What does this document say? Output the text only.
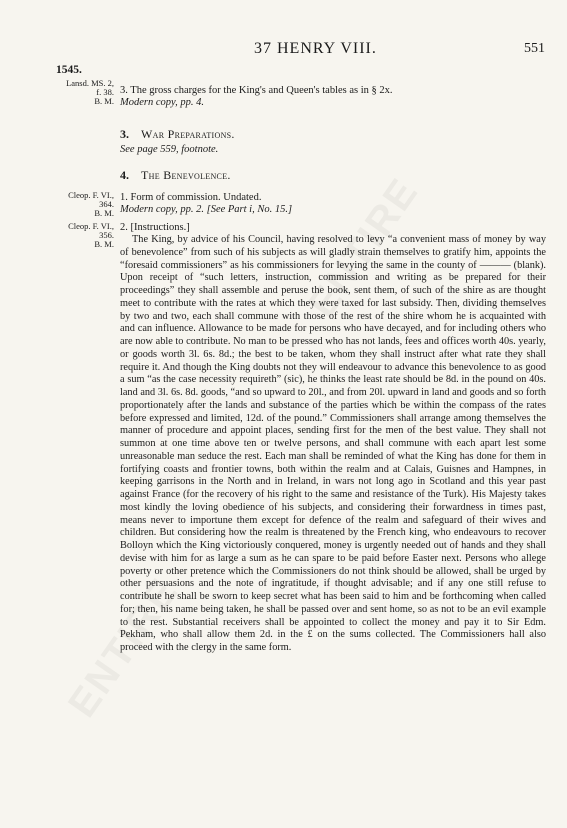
37 HENRY VIII.	551
1545.
Lansd. MS. 2,
f. 38.
B. M.
Cleop. F. VI.,
364.
B. M.
Cleop. F. VI.,
356.
B. M.
3. The gross charges for the King's and Queen's tables as in § 2x.
Modern copy, pp. 4.
3. War Preparations.
See page 559, footnote.
4. The Benevolence.
1. Form of commission. Undated.
Modern copy, pp. 2. [See Part i, No. 15.]
2. [Instructions.]

The King, by advice of his Council, having resolved to levy “a convenient mass of money by way of benevolence” from such of his subjects as will gladly strain themselves to gratify him, appoints the “foresaid commissioners” as his commissioners for levying the same in the county of ——— (blank). Upon receipt of “such letters, instruction, commission and writing as be prepared for their proceedings” they shall assemble and peruse the book, sent them, of such of the shire as are thought meet to contribute with the rates at which they were taxed for last subsidy. Then, dividing themselves by two and two, each shall commune with those of the rest of the shire whom he is acquainted with and can influence. Allowance to be made for persons who have decayed, and for including others who are now able to contribute. No man to be pressed who has not lands, fees and offices worth 40s. yearly, or goods worth 3l. 6s. 8d.; the best to be taken, whom they shall instruct after what rate they shall require it. And though the King doubts not they will endeavour to advance this benevolence to as good a sum “as the case necessity requireth” (sic), he thinks the least rate should be 8d. in the pound on 40s. land and 3l. 6s. 8d. goods, “and so upward to 20l., and from 20l. upward in land and goods and so forth proportionately after the lands and substance of the parties which be within the compass of the rates before expressed and limited, 12d. of the pound.” Commissioners shall arrange among themselves the manner of procedure and appoint places, sending first for the men of the best value. They shall not summon at one time above ten or twelve persons, and shall commune with each apart lest some unreasonable man seduce the rest. Each man shall be reminded of what the King has done for them in fortifying coasts and frontier towns, both within the realm and at Calais, Guisnes and Hampnes, in keeping garrisons in the North and in Ireland, in wars not long ago in Scotland and this year past against France (for the recovery of his right to the same and resistance of the Turk). His Majesty takes most kindly the loving obedience of his subjects, and considering their forwardness in times past, means never to importune them except for defence of the realm and safeguard of their wives and children. But considering how the realm is threatened by the French king, who endeavours to recover Bolloyn which the King victoriously conquered, money is urgently needed out of hands and they shall devise with him for as large a sum as he can spare to be paid before Easter next. Persons who allege poverty or other pretence which the Commissioners do not think should be allowed, shall be urged by other persuasions and the note of ingratitude, if thought advisable; and if any one still refuse to contribute he shall be sworn to keep secret what has been said to him and be forthcoming when called for; then, his name being taken, he shall be passed over and sent home, so as not to be an evil example to the rest. Substantial receivers shall be appointed to collect the money and pay it to Sir Edm. Pekham, who shall allow them 2d. in the £ on the sums collected. The Commissioners hall also proceed with the clergy in the same form.
